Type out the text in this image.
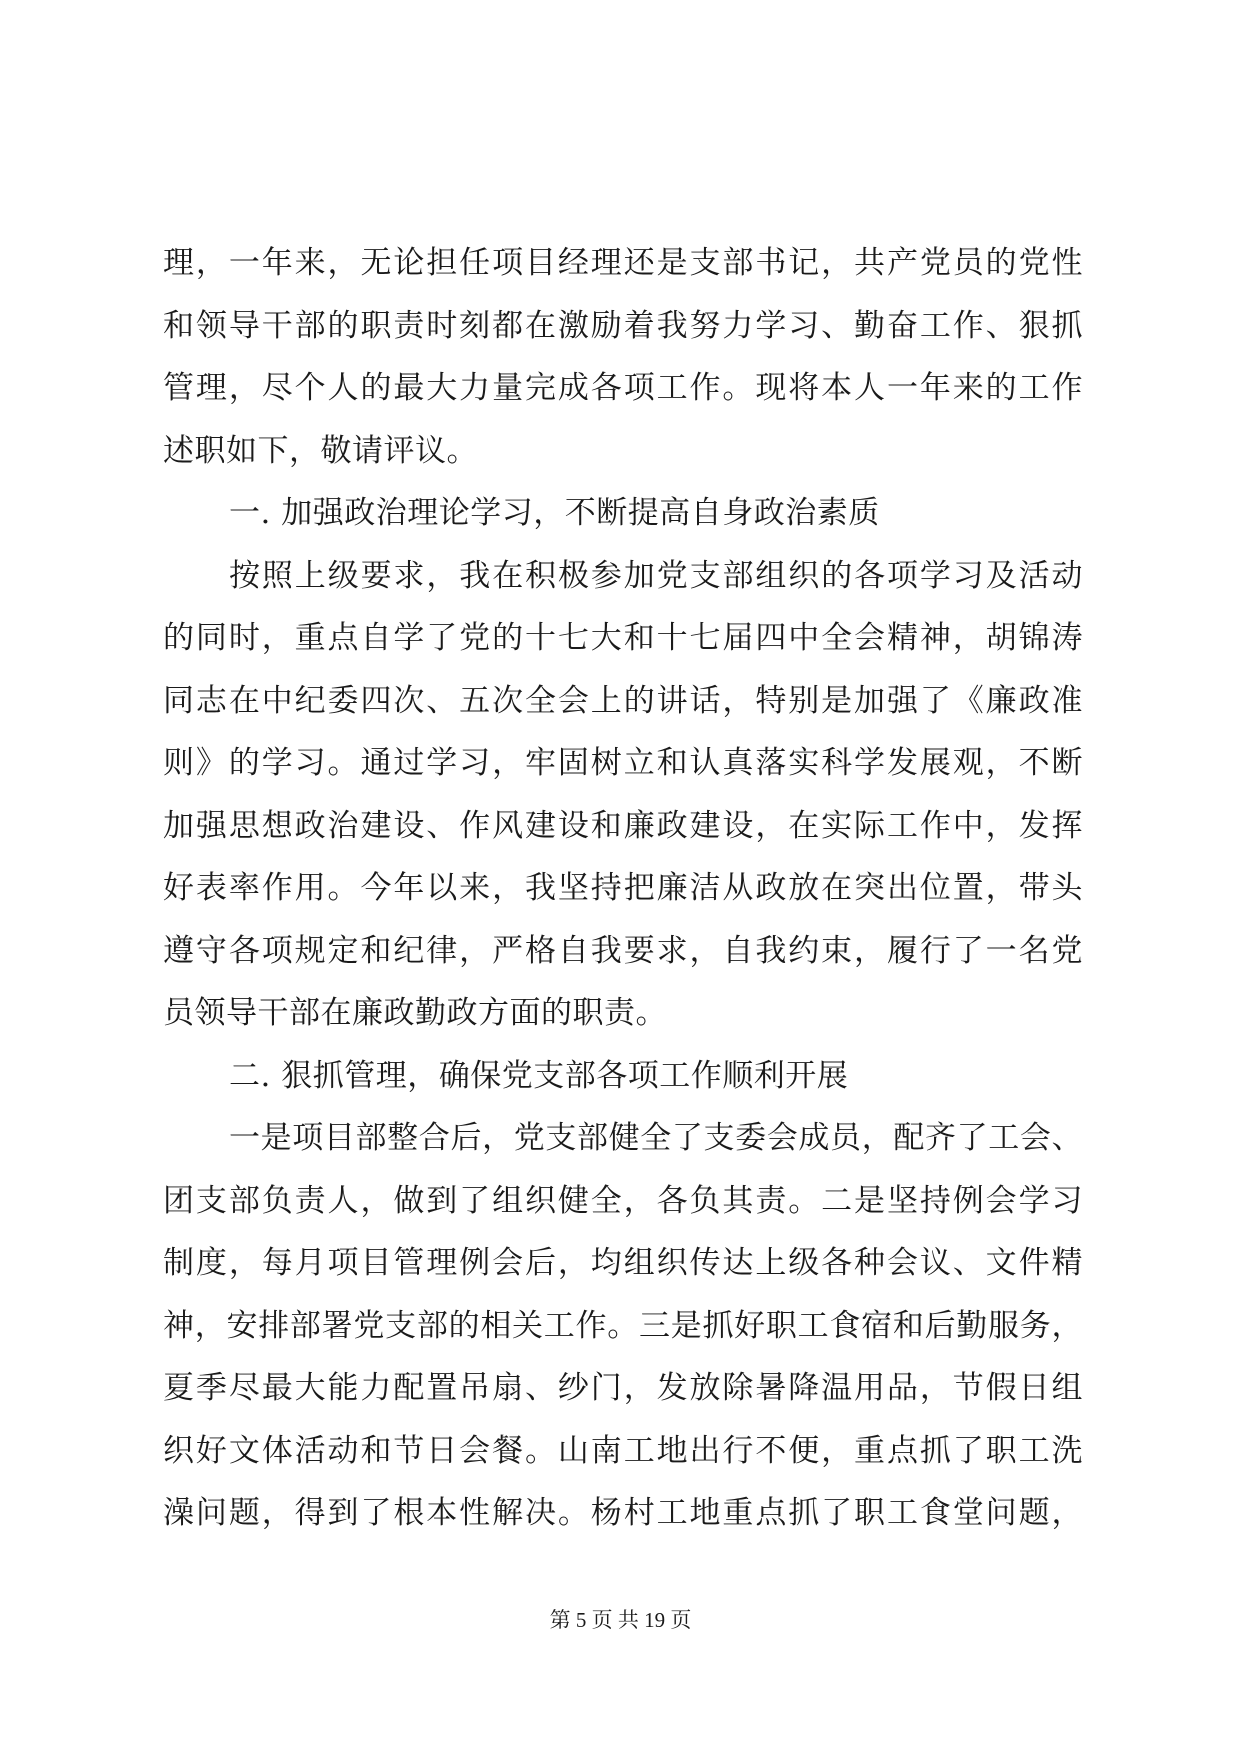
理，一年来，无论担任项目经理还是支部书记，共产党员的党性
和领导干部的职责时刻都在激励着我努力学习、勤奋工作、狠抓
管理，尽个人的最大力量完成各项工作。现将本人一年来的工作
述职如下，敬请评议。
一. 加强政治理论学习，不断提高自身政治素质
按照上级要求，我在积极参加党支部组织的各项学习及活动
的同时，重点自学了党的十七大和十七届四中全会精神，胡锦涛
同志在中纪委四次、五次全会上的讲话，特别是加强了《廉政准
则》的学习。通过学习，牢固树立和认真落实科学发展观，不断
加强思想政治建设、作风建设和廉政建设，在实际工作中，发挥
好表率作用。今年以来，我坚持把廉洁从政放在突出位置，带头
遵守各项规定和纪律，严格自我要求，自我约束，履行了一名党
员领导干部在廉政勤政方面的职责。
二. 狠抓管理，确保党支部各项工作顺利开展
一是项目部整合后，党支部健全了支委会成员，配齐了工会、
团支部负责人，做到了组织健全，各负其责。二是坚持例会学习
制度，每月项目管理例会后，均组织传达上级各种会议、文件精
神，安排部署党支部的相关工作。三是抓好职工食宿和后勤服务，
夏季尽最大能力配置吊扇、纱门，发放除暑降温用品，节假日组
织好文体活动和节日会餐。山南工地出行不便，重点抓了职工洗
澡问题，得到了根本性解决。杨村工地重点抓了职工食堂问题，
第 5 页 共 19 页
